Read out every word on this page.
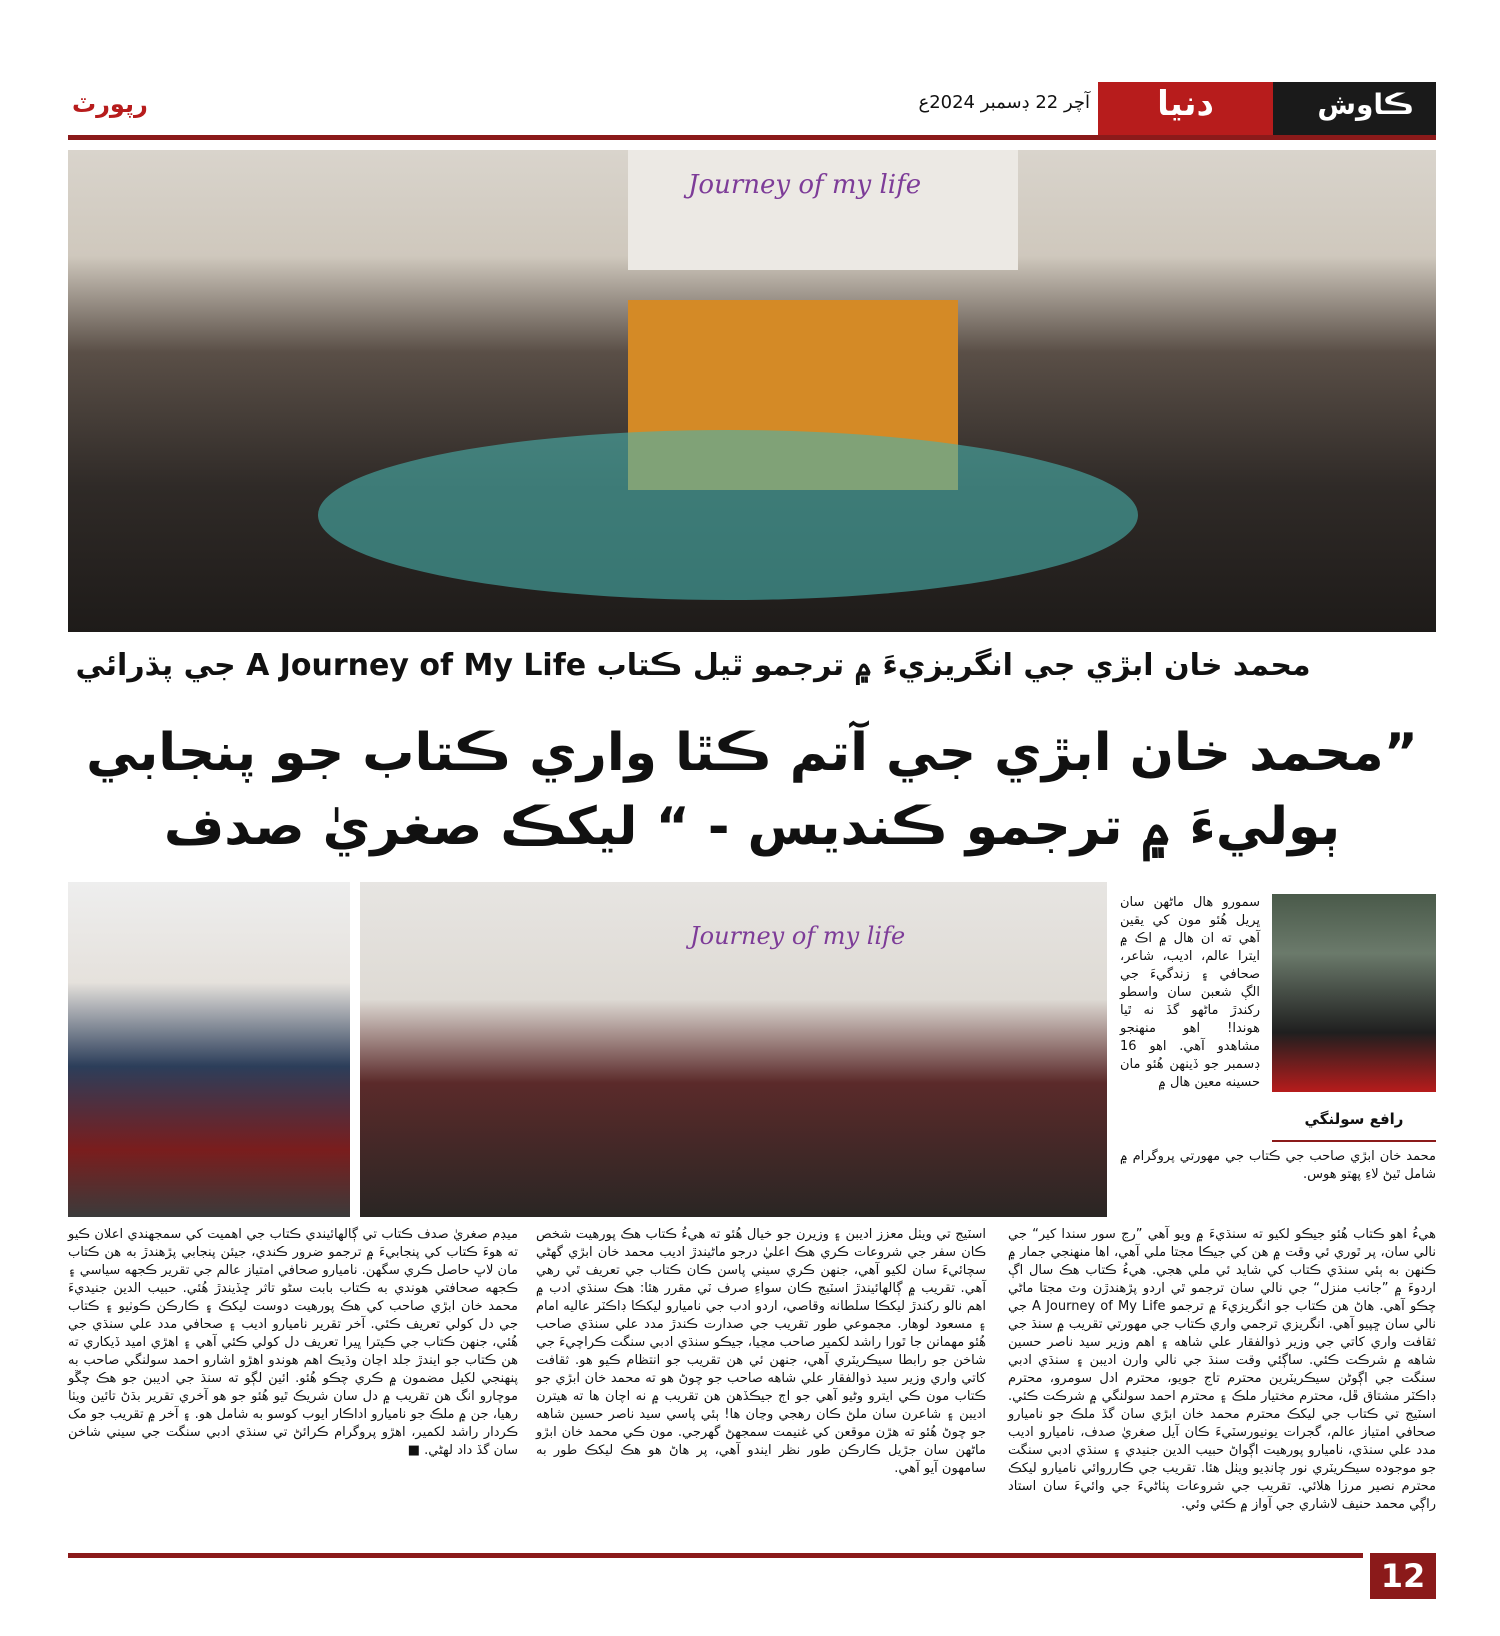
رپورٽ	آچر 22 ڊسمبر 2024ع	دنيا	ڪاوش
Journey of my life
محمد خان ابڙي جي انگريزيءَ ۾ ترجمو ٿيل ڪتاب A Journey of My Life جي پڌرائي
”محمد خان ابڙي جي آتم ڪٿا واري ڪتاب جو پنجابي ٻوليءَ ۾ ترجمو ڪنديس - “ ليکڪ صغريٰ صدف
Journey of my life
سمورو هال ماڻهن سان ڀريل هُئو مون کي يقين آهي ته ان هال ۾ اڪ ۾ ايترا عالم، اديب، شاعر، صحافي ۽ زندگيءَ جي الڳ شعبن سان واسطو رکندڙ ماڻهو گڏ نه ٿيا هوندا! اهو منهنجو مشاهدو آهي. اهو 16 ڊسمبر جو ڏينهن هُئو مان حسينه معين هال ۾
رافع سولنگي
محمد خان ابڙي صاحب جي ڪتاب جي مهورتي پروگرام ۾ شامل ٿيڻ لاءِ پهتو هوس.
هيءُ اهو ڪتاب هُئو جيڪو لکيو ته سنڌيءَ ۾ ويو آهي ”رڃ سور سندا کير“ جي نالي سان، پر ٿوري ئي وقت ۾ هن کي جيڪا مجتا ملي آهي، اها منهنجي جمار ۾ ڪنهن به ٻئي سنڌي ڪتاب کي شايد ئي ملي هجي. هيءُ ڪتاب هڪ سال اڳ اردوءَ ۾ ”جانب منزل“ جي نالي سان ترجمو ٿي اردو پڙهندڙن وٽ مجتا ماڻي چڪو آهي. هاڻ هن ڪتاب جو انگريزيءَ ۾ ترجمو A Journey of My Life جي نالي سان ڇپيو آهي. انگريزي ترجمي واري ڪتاب جي مهورتي تقريب ۾ سنڌ جي ثقافت واري کاتي جي وزير ذوالفقار علي شاهه ۽ اهم وزير سيد ناصر حسين شاهه ۾ شرڪت ڪئي. ساڳئي وقت سنڌ جي نالي وارن اديبن ۽ سنڌي ادبي سنگت جي اڳوڻن سيڪريٽرين محترم تاج جويو، محترم ادل سومرو، محترم ڊاڪٽر مشتاق ڦل، محترم مختيار ملڪ ۽ محترم احمد سولنگي ۾ شرڪت ڪئي. اسٽيج تي ڪتاب جي ليکڪ محترم محمد خان ابڙي سان گڏ ملڪ جو ناميارو صحافي امتياز عالم، گجرات يونيورسٽيءَ ڪان آيل صغريٰ صدف، ناميارو اديب مدد علي سنڌي، ناميارو پورهيت اڳواڻ حبيب الدين جنيدي ۽ سنڌي ادبي سنگت جو موجوده سيڪريٽري نور چانڊيو ويٺل هئا. تقريب جي ڪارروائي ناميارو ليکڪ محترم نصير مرزا هلائي. تقريب جي شروعات پٺاڻيءَ جي وائيءَ سان استاد راڳي محمد حنيف لاشاري جي آواز ۾ ڪئي وئي.
اسٽيج تي ويٺل معزز اديبن ۽ وزيرن جو خيال هُئو ته هيءُ ڪتاب هڪ پورهيت شخص ڪان سفر جي شروعات ڪري هڪ اعليٰ درجو ماڻيندڙ اديب محمد خان ابڙي گهڻي سچائيءَ سان لکيو آهي، جنهن ڪري سيني پاسن ڪان ڪتاب جي تعريف ٿي رهي آهي. تقريب ۾ ڳالهائيندڙ اسٽيج ڪان سواءِ صرف ٽي مقرر هئا: هڪ سنڌي ادب ۾ اهم نالو رکندڙ ليکڪا سلطانه وقاصي، اردو ادب جي ناميارو ليکڪا ڊاڪٽر عاليه امام ۽ مسعود لوهار. مجموعي طور تقريب جي صدارت ڪندڙ مدد علي سنڌي صاحب هُئو مهمانن جا ٿورا راشد لکمير صاحب مڃيا، جيڪو سنڌي ادبي سنگت ڪراچيءَ جي شاخن جو رابطا سيڪريٽري آهي، جنهن ئي هن تقريب جو انتظام ڪيو هو. ثقافت کاتي واري وزير سيد ذوالفقار علي شاهه صاحب جو چوڻ هو ته محمد خان ابڙي جو ڪتاب مون ڪي ايترو وڻيو آهي جو اڄ جيڪڏهن هن تقريب ۾ نه اچان ها ته هيترن اديبن ۽ شاعرن سان ملڻ ڪان رهجي وڃان ها! ٻئي پاسي سيد ناصر حسين شاهه جو چوڻ هُئو ته هڙن موقعن کي غنيمت سمجهڻ گهرجي. مون ڪي محمد خان ابڙو ماڻهن سان جڙيل ڪارڪن طور نظر ايندو آهي، پر هاڻ هو هڪ ليکڪ طور به سامهون آيو آهي.
ميڊم صغريٰ صدف ڪتاب تي ڳالهائيندي ڪتاب جي اهميت کي سمجهندي اعلان ڪيو ته هوءَ ڪتاب کي پنجابيءَ ۾ ترجمو ضرور ڪندي، جيئن پنجابي پڙهندڙ به هن ڪتاب مان لاڀ حاصل ڪري سگهن. ناميارو صحافي امتياز عالم جي تقرير ڪجهه سياسي ۽ ڪجهه صحافتي هوندي به ڪتاب بابت سڻو تاثر ڇڏيندڙ هُئي. حبيب الدين جنيديءَ محمد خان ابڙي صاحب کي هڪ پورهيت دوست ليکڪ ۽ ڪارڪن ڪوٺيو ۽ ڪتاب جي دل کولي تعريف ڪئي. آخر تقرير ناميارو اديب ۽ صحافي مدد علي سنڌي جي هُئي، جنهن ڪتاب جي ڪيترا ڀيرا تعريف دل کولي ڪئي آهي ۽ اهڙي اميد ڏيکاري ته هن ڪتاب جو ايندڙ جلد اڃان وڌيڪ اهم هوندو اهڙو اشارو احمد سولنگي صاحب به پنهنجي لکيل مضمون ۾ ڪري چڪو هُئو. ائين لڳو ته سنڌ جي اديبن جو هڪ چڱو موچارو انگ هن تقريب ۾ دل سان شريڪ ٿيو هُئو جو هو آخري تقرير بڌڻ تائين ويٺا رهيا، جن ۾ ملڪ جو ناميارو اداڪار ايوب کوسو به شامل هو. ۽ آخر ۾ تقريب جو مک ڪردار راشد لکمير، اهڙو پروگرام ڪرائڻ تي سنڌي ادبي سنگت جي سيني شاخن سان گڏ داد لهڻي. ■
12
